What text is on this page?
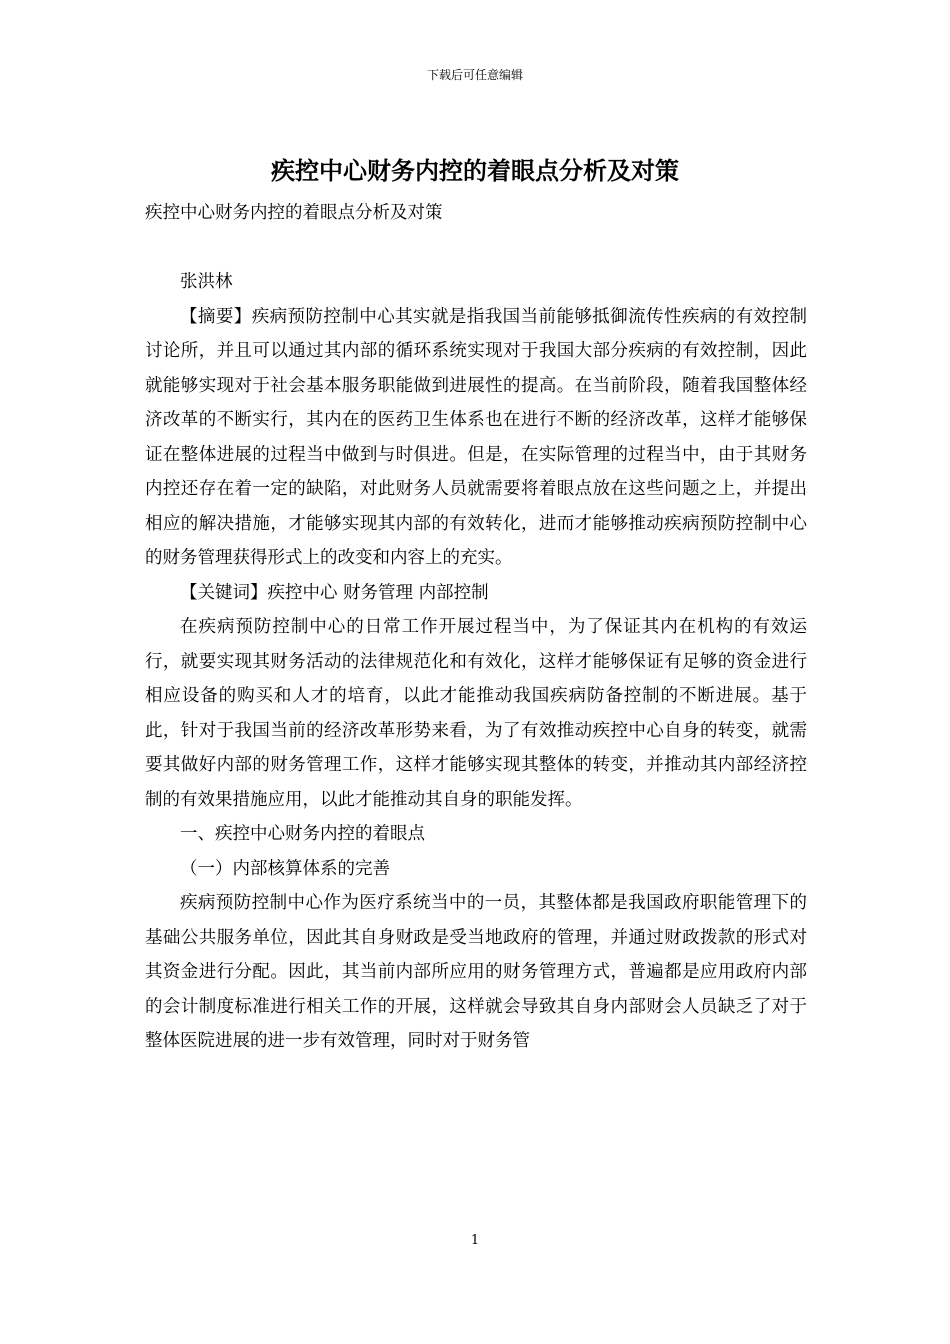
下载后可任意编辑
疾控中心财务内控的着眼点分析及对策

疾控中心财务内控的着眼点分析及对策

张洪林

【摘要】疾病预防控制中心其实就是指我国当前能够抵御流传性疾病的有效控制讨论所，并且可以通过其内部的循环系统实现对于我国大部分疾病的有效控制，因此就能够实现对于社会基本服务职能做到进展性的提高。在当前阶段，随着我国整体经济改革的不断实行，其内在的医药卫生体系也在进行不断的经济改革，这样才能够保证在整体进展的过程当中做到与时俱进。但是，在实际管理的过程当中，由于其财务内控还存在着一定的缺陷，对此财务人员就需要将着眼点放在这些问题之上，并提出相应的解决措施，才能够实现其内部的有效转化，进而才能够推动疾病预防控制中心的财务管理获得形式上的改变和内容上的充实。

【关键词】疾控中心 财务管理 内部控制

在疾病预防控制中心的日常工作开展过程当中，为了保证其内在机构的有效运行，就要实现其财务活动的法律规范化和有效化，这样才能够保证有足够的资金进行相应设备的购买和人才的培育，以此才能推动我国疾病防备控制的不断进展。基于此，针对于我国当前的经济改革形势来看，为了有效推动疾控中心自身的转变，就需要其做好内部的财务管理工作，这样才能够实现其整体的转变，并推动其内部经济控制的有效果措施应用，以此才能推动其自身的职能发挥。

一、疾控中心财务内控的着眼点

（一）内部核算体系的完善

疾病预防控制中心作为医疗系统当中的一员，其整体都是我国政府职能管理下的基础公共服务单位，因此其自身财政是受当地政府的管理，并通过财政拨款的形式对其资金进行分配。因此，其当前内部所应用的财务管理方式，普遍都是应用政府内部的会计制度标准进行相关工作的开展，这样就会导致其自身内部财会人员缺乏了对于整体医院进展的进一步有效管理，同时对于财务管

1
